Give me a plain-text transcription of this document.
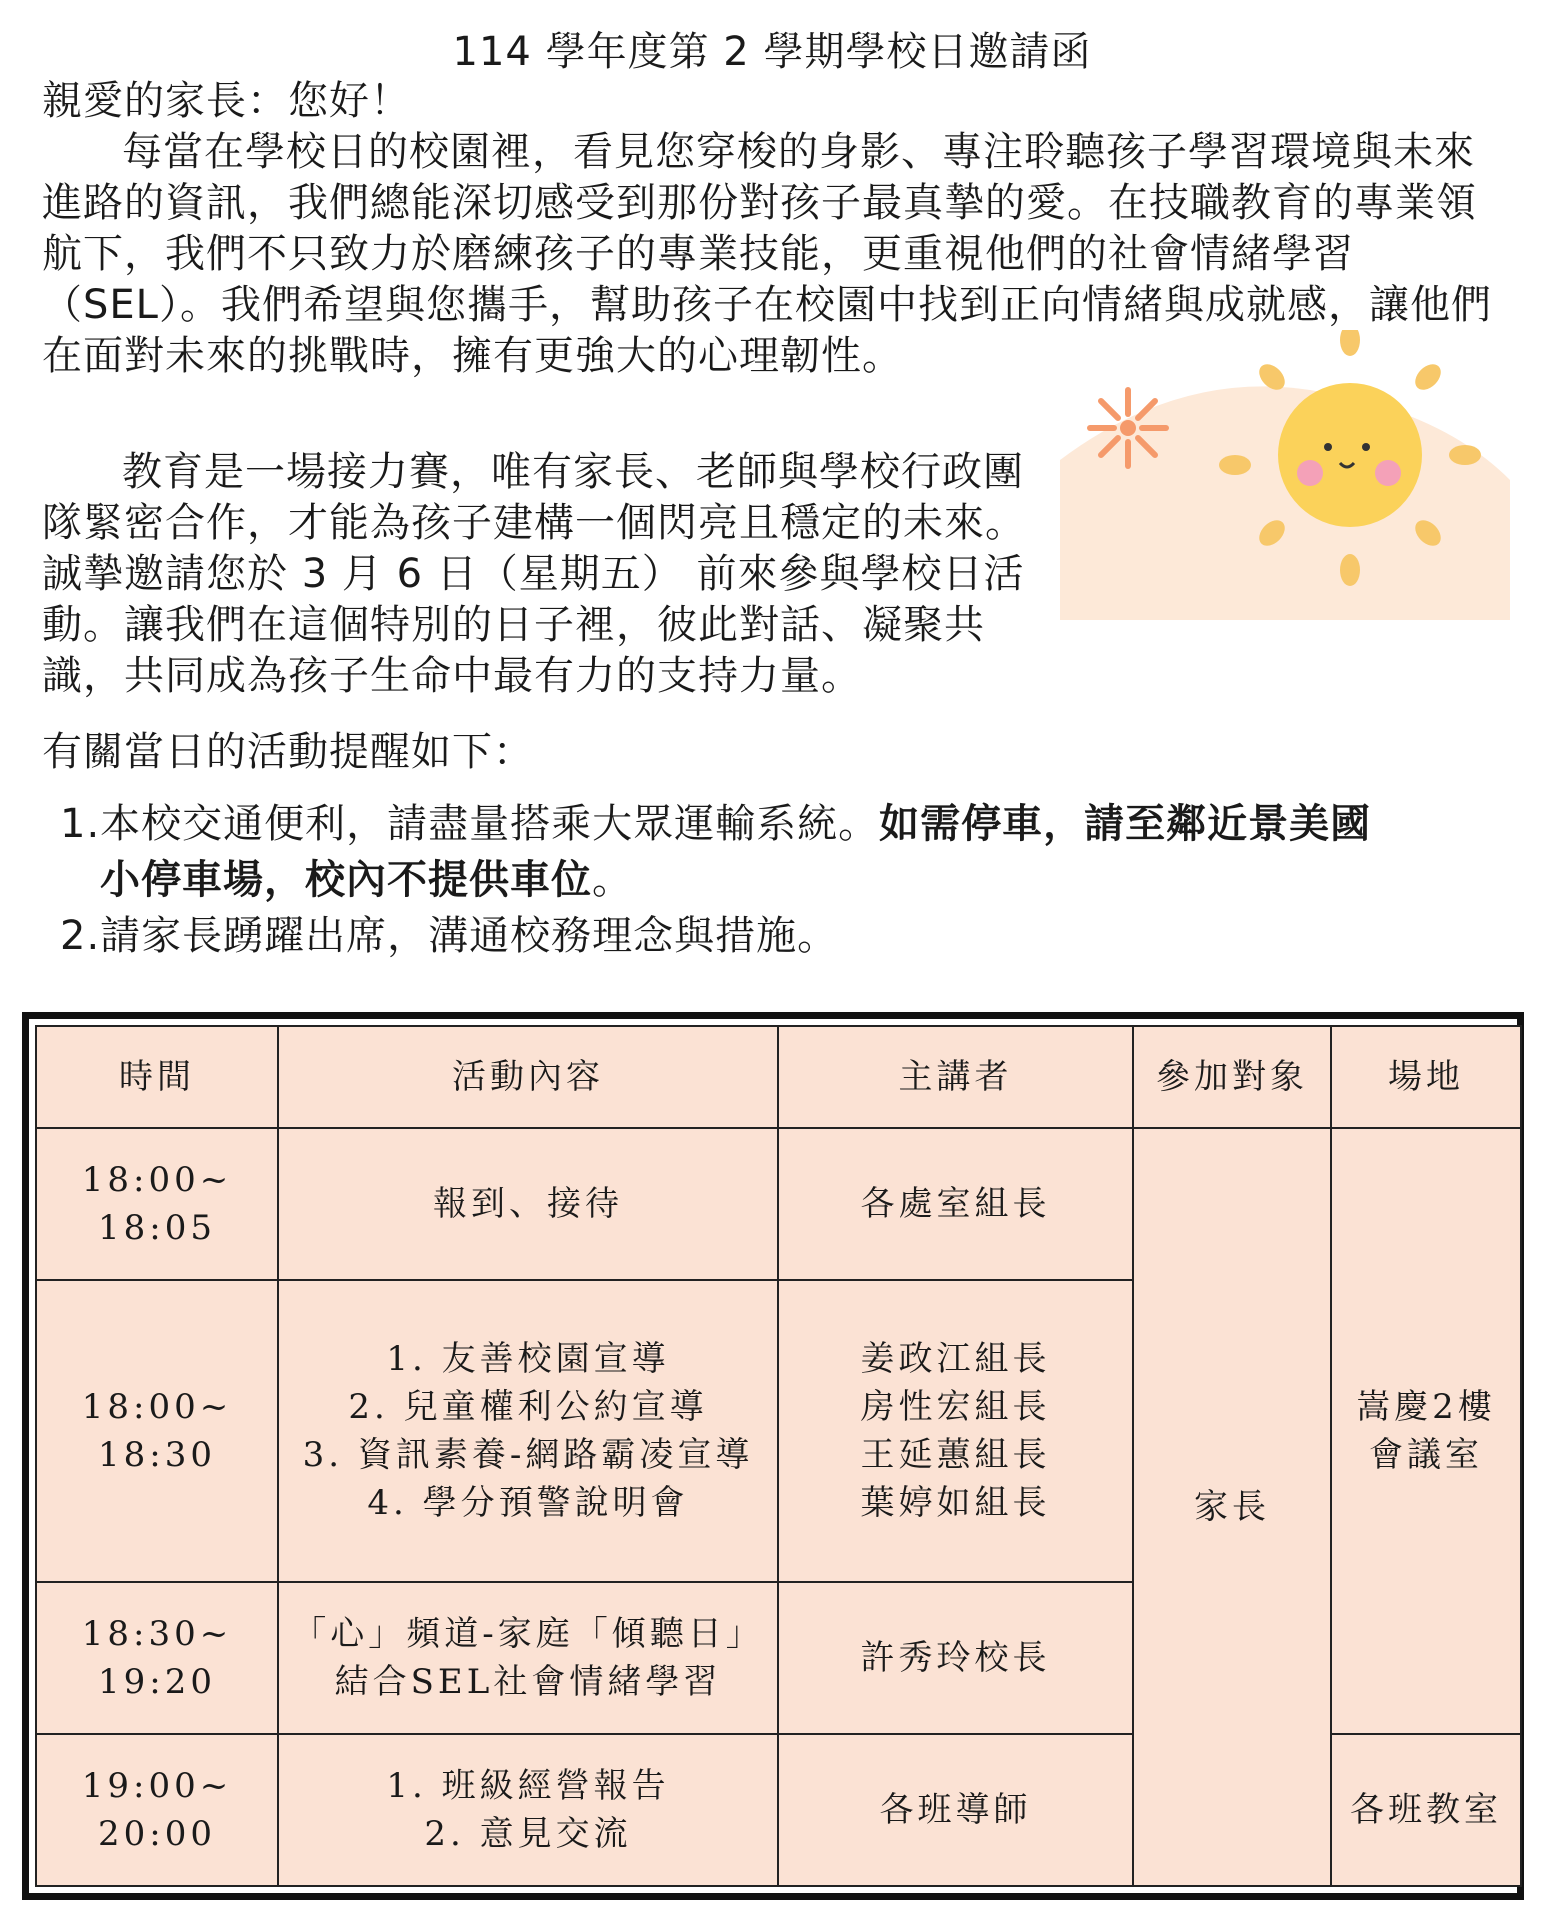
114 學年度第 2 學期學校日邀請函

親愛的家長：您好！

每當在學校日的校園裡，看見您穿梭的身影、專注聆聽孩子學習環境與未來進路的資訊，我們總能深切感受到那份對孩子最真摯的愛。在技職教育的專業領航下，我們不只致力於磨練孩子的專業技能，更重視他們的社會情緒學習（SEL）。我們希望與您攜手，幫助孩子在校園中找到正向情緒與成就感，讓他們在面對未來的挑戰時，擁有更強大的心理韌性。

教育是一場接力賽，唯有家長、老師與學校行政團隊緊密合作，才能為孩子建構一個閃亮且穩定的未來。誠摯邀請您於 3 月 6 日（星期五） 前來參與學校日活動。讓我們在這個特別的日子裡，彼此對話、凝聚共識，共同成為孩子生命中最有力的支持力量。

有關當日的活動提醒如下：
1.本校交通便利，請盡量搭乘大眾運輸系統。如需停車，請至鄰近景美國
小停車場，校內不提供車位。
2.請家長踴躍出席，溝通校務理念與措施。
時間	活動內容	主講者	參加對象	場地

18:00~
18:05	報到、接待	各處室組長	家長	嵩慶2樓
會議室

18:00~
18:30	1. 友善校園宣導
2. 兒童權利公約宣導
3. 資訊素養-網路霸凌宣導
4. 學分預警說明會	姜政江組長
房性宏組長
王延蕙組長
葉婷如組長		

18:30~
19:20	「心」頻道-家庭「傾聽日」
結合SEL社會情緒學習	許秀玲校長		

19:00~
20:00	1. 班級經營報告
2. 意見交流	各班導師		各班教室
